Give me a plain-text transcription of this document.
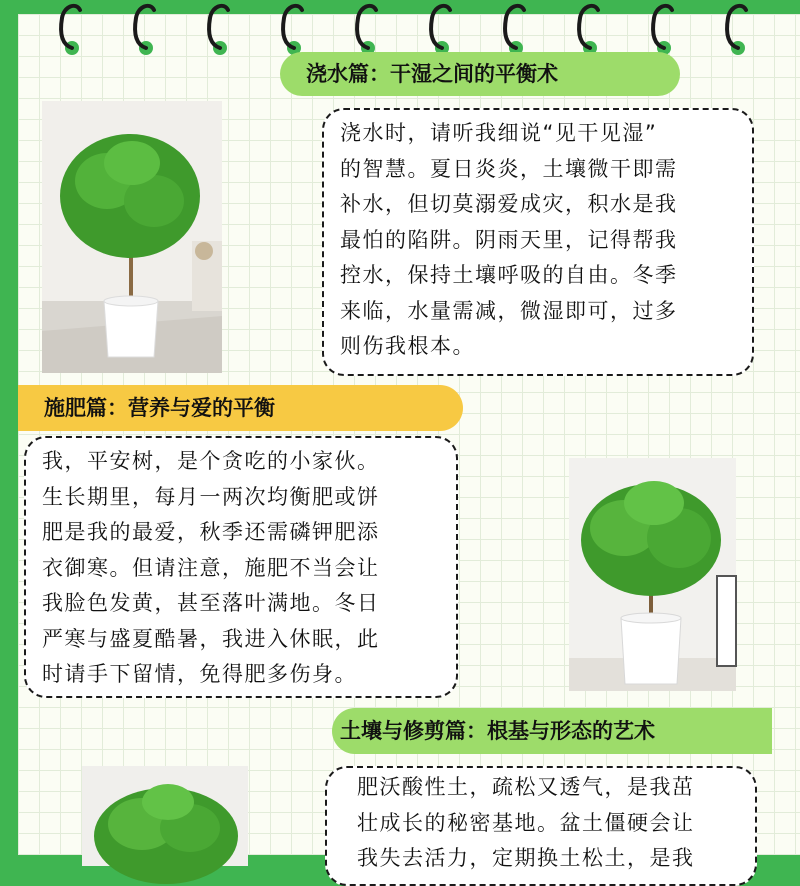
浇水篇：干湿之间的平衡术

浇水时，请听我细说“见干见湿”
的智慧。夏日炎炎，土壤微干即需
补水，但切莫溺爱成灾，积水是我
最怕的陷阱。阴雨天里，记得帮我
控水，保持土壤呼吸的自由。冬季
来临，水量需减，微湿即可，过多
则伤我根本。

施肥篇：营养与爱的平衡

我，平安树，是个贪吃的小家伙。
生长期里，每月一两次均衡肥或饼
肥是我的最爱，秋季还需磷钾肥添
衣御寒。但请注意，施肥不当会让
我脸色发黄，甚至落叶满地。冬日
严寒与盛夏酷暑，我进入休眠，此
时请手下留情，免得肥多伤身。

土壤与修剪篇：根基与形态的艺术

肥沃酸性土，疏松又透气，是我茁
壮成长的秘密基地。盆土僵硬会让
我失去活力，定期换土松土，是我
